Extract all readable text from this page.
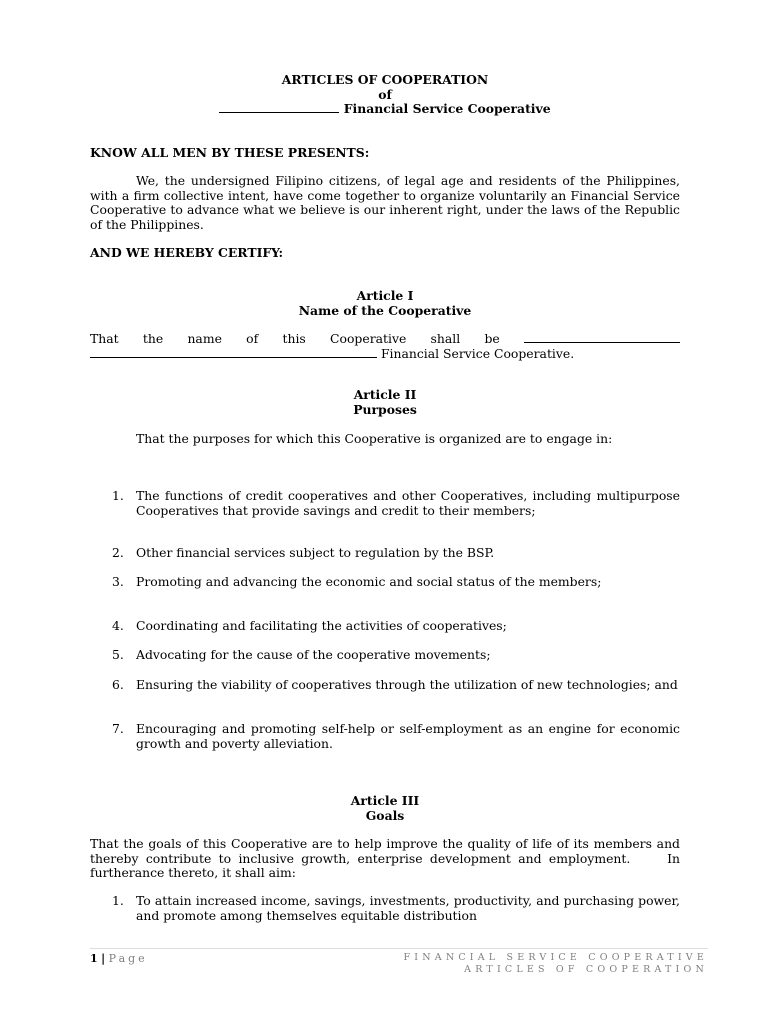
ARTICLES OF COOPERATION
of
Financial Service Cooperative
KNOW ALL MEN BY THESE PRESENTS:
We, the undersigned Filipino citizens, of legal age and residents of the Philippines, with a firm collective intent, have come together to organize voluntarily an Financial Service Cooperative to advance what we believe is our inherent right, under the laws of the Republic of the Philippines.
AND WE HEREBY CERTIFY:
Article I
Name of the Cooperative
That the name of this Cooperative shall be
Financial Service Cooperative.
Article II
Purposes
That the purposes for which this Cooperative is organized are to engage in:
1. The functions of credit cooperatives and other Cooperatives, including multipurpose Cooperatives that provide savings and credit to their members;
2. Other financial services subject to regulation by the BSP.
3. Promoting and advancing the economic and social status of the members;
4. Coordinating and facilitating the activities of cooperatives;
5. Advocating for the cause of the cooperative movements;
6. Ensuring the viability of cooperatives through the utilization of new technologies; and
7. Encouraging and promoting self-help or self-employment as an engine for economic growth and poverty alleviation.
Article III
Goals
That the goals of this Cooperative are to help improve the quality of life of its members and thereby contribute to inclusive growth, enterprise development and employment.     In furtherance thereto, it shall aim:
1. To attain increased income, savings, investments, productivity, and purchasing power, and promote among themselves equitable distribution
1 | Page	FINANCIAL SERVICE COOPERATIVE
ARTICLES OF COOPERATION
